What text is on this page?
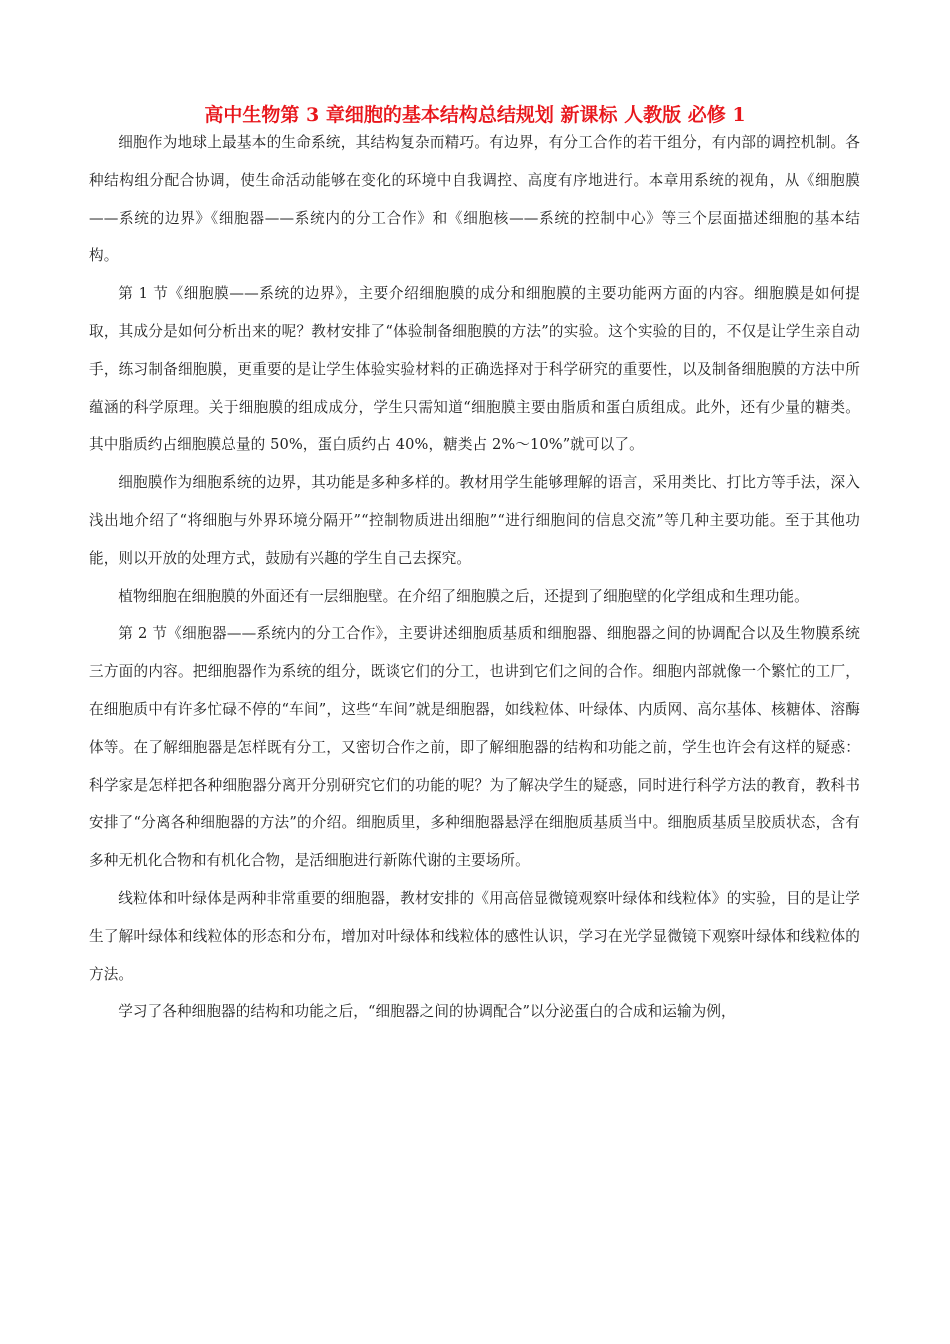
高中生物第 3 章细胞的基本结构总结规划 新课标 人教版 必修 1

细胞作为地球上最基本的生命系统，其结构复杂而精巧。有边界，有分工合作的若干组分，有内部的调控机制。各种结构组分配合协调，使生命活动能够在变化的环境中自我调控、高度有序地进行。本章用系统的视角，从《细胞膜——系统的边界》《细胞器——系统内的分工合作》和《细胞核——系统的控制中心》等三个层面描述细胞的基本结构。

第 1 节《细胞膜——系统的边界》，主要介绍细胞膜的成分和细胞膜的主要功能两方面的内容。细胞膜是如何提取，其成分是如何分析出来的呢？教材安排了“体验制备细胞膜的方法”的实验。这个实验的目的，不仅是让学生亲自动手，练习制备细胞膜，更重要的是让学生体验实验材料的正确选择对于科学研究的重要性，以及制备细胞膜的方法中所蕴涵的科学原理。关于细胞膜的组成成分，学生只需知道“细胞膜主要由脂质和蛋白质组成。此外，还有少量的糖类。其中脂质约占细胞膜总量的 50%，蛋白质约占 40%，糖类占 2%～10%”就可以了。

细胞膜作为细胞系统的边界，其功能是多种多样的。教材用学生能够理解的语言，采用类比、打比方等手法，深入浅出地介绍了“将细胞与外界环境分隔开”“控制物质进出细胞”“进行细胞间的信息交流”等几种主要功能。至于其他功能，则以开放的处理方式，鼓励有兴趣的学生自己去探究。

植物细胞在细胞膜的外面还有一层细胞壁。在介绍了细胞膜之后，还提到了细胞壁的化学组成和生理功能。

第 2 节《细胞器——系统内的分工合作》，主要讲述细胞质基质和细胞器、细胞器之间的协调配合以及生物膜系统三方面的内容。把细胞器作为系统的组分，既谈它们的分工，也讲到它们之间的合作。细胞内部就像一个繁忙的工厂，在细胞质中有许多忙碌不停的“车间”，这些“车间”就是细胞器，如线粒体、叶绿体、内质网、高尔基体、核糖体、溶酶体等。在了解细胞器是怎样既有分工，又密切合作之前，即了解细胞器的结构和功能之前，学生也许会有这样的疑惑：科学家是怎样把各种细胞器分离开分别研究它们的功能的呢？为了解决学生的疑惑，同时进行科学方法的教育，教科书安排了“分离各种细胞器的方法”的介绍。细胞质里，多种细胞器悬浮在细胞质基质当中。细胞质基质呈胶质状态，含有多种无机化合物和有机化合物，是活细胞进行新陈代谢的主要场所。

线粒体和叶绿体是两种非常重要的细胞器，教材安排的《用高倍显微镜观察叶绿体和线粒体》的实验，目的是让学生了解叶绿体和线粒体的形态和分布，增加对叶绿体和线粒体的感性认识，学习在光学显微镜下观察叶绿体和线粒体的方法。

学习了各种细胞器的结构和功能之后，“细胞器之间的协调配合”以分泌蛋白的合成和运输为例，
